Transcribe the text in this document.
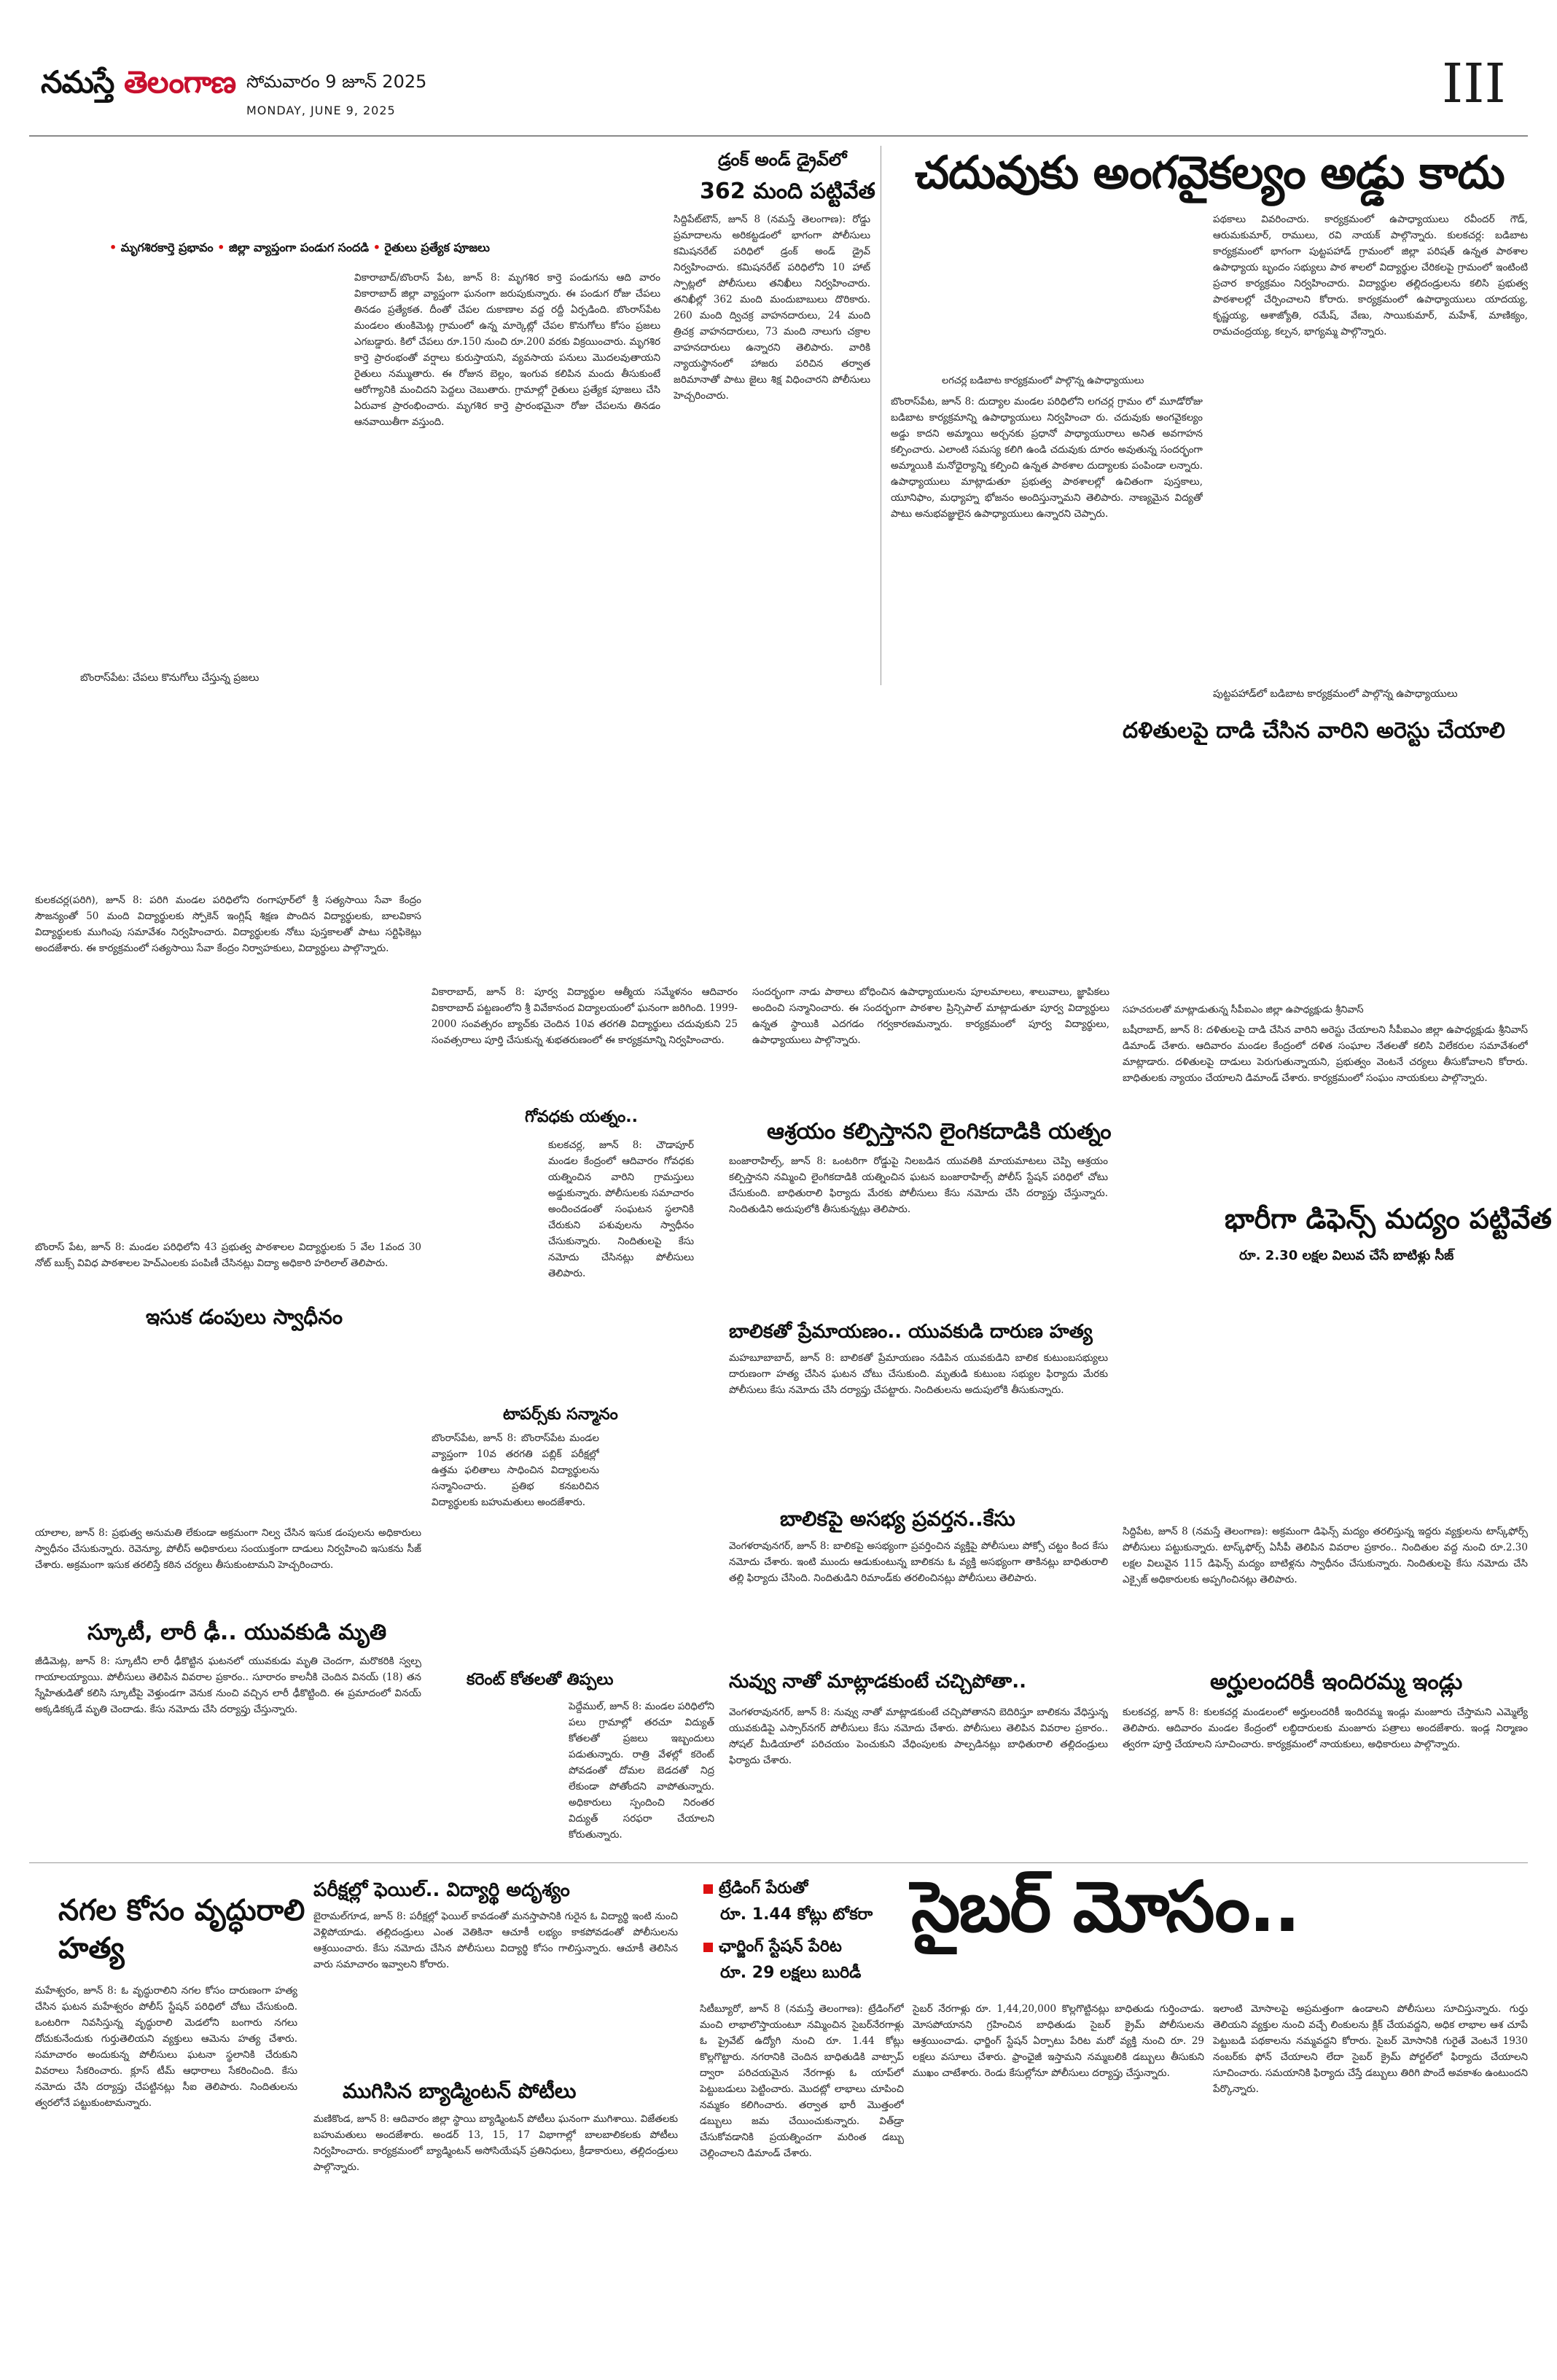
నమస్తే తెలంగాణ సోమవారం 9 జూన్ 2025
MONDAY, JUNE 9, 2025	III
• మృగశిరకార్తె ప్రభావం • జిల్లా వ్యాప్తంగా పండుగ సందడి • రైతులు ప్రత్యేక పూజలు
బొంరాస్‌పేట: చేపలు కొనుగోలు చేస్తున్న ప్రజలు
వికారాబాద్/బొంరాస్ పేట, జూన్ 8: మృగశిర కార్తె పండుగను ఆది వారం వికారాబాద్ జిల్లా వ్యాప్తంగా ఘనంగా జరుపుకున్నారు. ఈ పండుగ రోజు చేపలు తినడం ప్రత్యేకత. దీంతో చేపల దుకాణాల వద్ద రద్దీ ఏర్పడింది. బొంరాస్‌పేట మండలం తుంకిమెట్ల గ్రామంలో ఉన్న మార్కెట్లో చేపల కొనుగోలు కోసం ప్రజలు ఎగబడ్డారు. కిలో చేపలు రూ.150 నుంచి రూ.200 వరకు విక్రయించారు. మృగశిర కార్తె ప్రారంభంతో వర్షాలు కురుస్తాయని, వ్యవసాయ పనులు మొదలవుతాయని రైతులు నమ్ముతారు. ఈ రోజున బెల్లం, ఇంగువ కలిపిన మందు తీసుకుంటే ఆరోగ్యానికి మంచిదని పెద్దలు చెబుతారు. గ్రామాల్లో రైతులు ప్రత్యేక పూజలు చేసి ఏరువాక ప్రారంభించారు. మృగశిర కార్తె ప్రారంభమైనా రోజు చేపలను తినడం ఆనవాయితీగా వస్తుంది.
డ్రంక్ అండ్ డ్రైవ్‌లో
362 మంది పట్టివేత
సిద్దిపేట్‌టౌన్, జూన్ 8 (నమస్తే తెలంగాణ): రోడ్డు ప్రమాదాలను అరికట్టడంలో భాగంగా పోలీసులు కమిషనరేట్ పరిధిలో డ్రంక్ అండ్ డ్రైవ్ నిర్వహించారు. కమిషనరేట్ పరిధిలోని 10 హాట్ స్పాట్లలో పోలీసులు తనిఖీలు నిర్వహించారు. తనిఖీల్లో 362 మంది మందుబాబులు దొరికారు. 260 మంది ద్విచక్ర వాహనదారులు, 24 మంది త్రిచక్ర వాహనదారులు, 73 మంది నాలుగు చక్రాల వాహనదారులు ఉన్నారని తెలిపారు. వారికి న్యాయస్థానంలో హాజరు పరిచిన తర్వాత జరిమానాతో పాటు జైలు శిక్ష విధించారని పోలీసులు హెచ్చరించారు.
చదువుకు అంగవైకల్యం అడ్డు కాదు
లగచర్ల బడిబాట కార్యక్రమంలో పాల్గొన్న ఉపాధ్యాయులు
బొంరాస్‌పేట, జూన్ 8: దుద్యాల మండల పరిధిలోని లగచర్ల గ్రామం లో మూడోరోజు బడిబాట కార్యక్రమాన్ని ఉపాధ్యాయులు నిర్వహించా రు. చదువుకు అంగవైకల్యం అడ్డు కాదని అమ్మాయి అర్చనకు ప్రధానో పాధ్యాయురాలు అనిత అవగాహన కల్పించారు. ఎలాంటి సమస్య కలిగి ఉండి చదువుకు దూరం అవుతున్న సందర్భంగా అమ్మాయికి మనోధైర్యాన్ని కల్పించి ఉన్నత పాఠశాల దుద్యాలకు పంపిండా లన్నారు. ఉపాధ్యాయులు మాట్లాడుతూ ప్రభుత్వ పాఠశాలల్లో ఉచితంగా పుస్తకాలు, యూనిఫాం, మధ్యాహ్న భోజనం అందిస్తున్నామని తెలిపారు. నాణ్యమైన విద్యతో పాటు అనుభవజ్ఞులైన ఉపాధ్యాయులు ఉన్నారని చెప్పారు.
పథకాలు వివరించారు. కార్యక్రమంలో ఉపాధ్యాయులు రవీందర్ గౌడ్, ఆరుమకుమార్, రాములు, రవి నాయక్ పాల్గొన్నారు. కులకచర్ల: బడిబాట కార్యక్రమంలో భాగంగా పుట్టపహాడ్ గ్రామంలో జిల్లా పరిషత్ ఉన్నత పాఠశాల ఉపాధ్యాయ బృందం సభ్యులు పాఠ శాలలో విద్యార్థుల చేరికలపై గ్రామంలో ఇంటింటి ప్రచార కార్యక్రమం నిర్వహించారు. విద్యార్థుల తల్లిదండ్రులను కలిసి ప్రభుత్వ పాఠశాలల్లో చేర్పించాలని కోరారు. కార్యక్రమంలో ఉపాధ్యాయులు యాదయ్య, కృష్ణయ్య, ఆశాజ్యోతి, రమేష్, వేణు, సాయికుమార్, మహేశ్, మాణిక్యం, రామచంద్రయ్య, కల్పన, భాగ్యమ్మ పాల్గొన్నారు.
పుట్టపహాడ్‌లో బడిబాట కార్యక్రమంలో పాల్గొన్న ఉపాధ్యాయులు
దళితులపై దాడి చేసిన వారిని అరెస్టు చేయాలి
కులకచర్ల(పరిగి), జూన్ 8: పరిగి మండల పరిధిలోని రంగాపూర్‌లో శ్రీ సత్యసాయి సేవా కేంద్రం సౌజన్యంతో 50 మంది విద్యార్థులకు స్పోకెన్ ఇంగ్లిష్ శిక్షణ పొందిన విద్యార్థులకు, బాలవికాస విద్యార్థులకు ముగింపు సమావేశం నిర్వహించారు. విద్యార్థులకు నోటు పుస్తకాలతో పాటు సర్టిఫికెట్లు అందజేశారు. ఈ కార్యక్రమంలో సత్యసాయి సేవా కేంద్రం నిర్వాహకులు, విద్యార్థులు పాల్గొన్నారు.
సహచరులతో మాట్లాడుతున్న సీపీఐఎం జిల్లా ఉపాధ్యక్షుడు శ్రీనివాస్
బషీరాబాద్, జూన్ 8: దళితులపై దాడి చేసిన వారిని అరెస్టు చేయాలని సీపీఐఎం జిల్లా ఉపాధ్యక్షుడు శ్రీనివాస్ డిమాండ్ చేశారు. ఆదివారం మండల కేంద్రంలో దళిత సంఘాల నేతలతో కలిసి విలేకరుల సమావేశంలో మాట్లాడారు. దళితులపై దాడులు పెరుగుతున్నాయని, ప్రభుత్వం వెంటనే చర్యలు తీసుకోవాలని కోరారు. బాధితులకు న్యాయం చేయాలని డిమాండ్ చేశారు. కార్యక్రమంలో సంఘం నాయకులు పాల్గొన్నారు.
వికారాబాద్, జూన్ 8: పూర్వ విద్యార్థుల ఆత్మీయ సమ్మేళనం ఆదివారం వికారాబాద్ పట్టణంలోని శ్రీ వివేకానంద విద్యాలయంలో ఘనంగా జరిగింది. 1999-2000 సంవత్సరం బ్యాచ్‌కు చెందిన 10వ తరగతి విద్యార్థులు చదువుకుని 25 సంవత్సరాలు పూర్తి చేసుకున్న శుభతరుణంలో ఈ కార్యక్రమాన్ని నిర్వహించారు.
సందర్భంగా నాడు పాఠాలు బోధించిన ఉపాధ్యాయులను పూలమాలలు, శాలువాలు, జ్ఞాపికలు అందించి సన్మానించారు. ఈ సందర్భంగా పాఠశాల ప్రిన్సిపాల్ మాట్లాడుతూ పూర్వ విద్యార్థులు ఉన్నత స్థాయికి ఎదగడం గర్వకారణమన్నారు. కార్యక్రమంలో పూర్వ విద్యార్థులు, ఉపాధ్యాయులు పాల్గొన్నారు.
గోవధకు యత్నం..
కులకచర్ల, జూన్ 8: చౌడాపూర్ మండల కేంద్రంలో ఆదివారం గోవధకు యత్నించిన వారిని గ్రామస్తులు అడ్డుకున్నారు. పోలీసులకు సమాచారం అందించడంతో సంఘటన స్థలానికి చేరుకుని పశువులను స్వాధీనం చేసుకున్నారు. నిందితులపై కేసు నమోదు చేసినట్లు పోలీసులు తెలిపారు.
టాపర్స్‌కు సన్మానం
బొంరాస్‌పేట, జూన్ 8: బొంరాస్‌పేట మండల వ్యాప్తంగా 10వ తరగతి పబ్లిక్ పరీక్షల్లో ఉత్తమ ఫలితాలు సాధించిన విద్యార్థులను సన్మానించారు. ప్రతిభ కనబరిచిన విద్యార్థులకు బహుమతులు అందజేశారు.
ఆశ్రయం కల్పిస్తానని లైంగికదాడికి యత్నం
బంజారాహిల్స్, జూన్ 8: ఒంటరిగా రోడ్డుపై నిలబడిన యువతికి మాయమాటలు చెప్పి ఆశ్రయం కల్పిస్తానని నమ్మించి లైంగికదాడికి యత్నించిన ఘటన బంజారాహిల్స్ పోలీస్ స్టేషన్ పరిధిలో చోటు చేసుకుంది. బాధితురాలి ఫిర్యాదు మేరకు పోలీసులు కేసు నమోదు చేసి దర్యాప్తు చేస్తున్నారు. నిందితుడిని అదుపులోకి తీసుకున్నట్లు తెలిపారు.
బాలికతో ప్రేమాయణం.. యువకుడి దారుణ హత్య
మహబూబాబాద్, జూన్ 8: బాలికతో ప్రేమాయణం నడిపిన యువకుడిని బాలిక కుటుంబసభ్యులు దారుణంగా హత్య చేసిన ఘటన చోటు చేసుకుంది. మృతుడి కుటుంబ సభ్యుల ఫిర్యాదు మేరకు పోలీసులు కేసు నమోదు చేసి దర్యాప్తు చేపట్టారు. నిందితులను అదుపులోకి తీసుకున్నారు.
బాలికపై అసభ్య ప్రవర్తన..కేసు
వెంగళరావునగర్, జూన్ 8: బాలికపై అసభ్యంగా ప్రవర్తించిన వ్యక్తిపై పోలీసులు పోక్సో చట్టం కింద కేసు నమోదు చేశారు. ఇంటి ముందు ఆడుకుంటున్న బాలికను ఓ వ్యక్తి అసభ్యంగా తాకినట్లు బాధితురాలి తల్లి ఫిర్యాదు చేసింది. నిందితుడిని రిమాండ్‌కు తరలించినట్లు పోలీసులు తెలిపారు.
నువ్వు నాతో మాట్లాడకుంటే చచ్చిపోతా..
వెంగళరావునగర్, జూన్ 8: నువ్వు నాతో మాట్లాడకుంటే చచ్చిపోతానని బెదిరిస్తూ బాలికను వేధిస్తున్న యువకుడిపై ఎస్సార్‌నగర్ పోలీసులు కేసు నమోదు చేశారు. పోలీసులు తెలిపిన వివరాల ప్రకారం.. సోషల్ మీడియాలో పరిచయం పెంచుకుని వేధింపులకు పాల్పడినట్లు బాధితురాలి తల్లిదండ్రులు ఫిర్యాదు చేశారు.
భారీగా డిఫెన్స్ మద్యం పట్టివేత
రూ. 2.30 లక్షల విలువ చేసే బాటిళ్లు సీజ్
సిద్దిపేట, జూన్ 8 (నమస్తే తెలంగాణ): అక్రమంగా డిఫెన్స్ మద్యం తరలిస్తున్న ఇద్దరు వ్యక్తులను టాస్క్‌ఫోర్స్ పోలీసులు పట్టుకున్నారు. టాస్క్‌ఫోర్స్ ఏసీపీ తెలిపిన వివరాల ప్రకారం.. నిందితుల వద్ద నుంచి రూ.2.30 లక్షల విలువైన 115 డిఫెన్స్ మద్యం బాటిళ్లను స్వాధీనం చేసుకున్నారు. నిందితులపై కేసు నమోదు చేసి ఎక్సైజ్ అధికారులకు అప్పగించినట్లు తెలిపారు.
అర్హులందరికీ ఇందిరమ్మ ఇండ్లు
కులకచర్ల, జూన్ 8: కులకచర్ల మండలంలో అర్హులందరికీ ఇందిరమ్మ ఇండ్లు మంజూరు చేస్తామని ఎమ్మెల్యే తెలిపారు. ఆదివారం మండల కేంద్రంలో లబ్ధిదారులకు మంజూరు పత్రాలు అందజేశారు. ఇండ్ల నిర్మాణం త్వరగా పూర్తి చేయాలని సూచించారు. కార్యక్రమంలో నాయకులు, అధికారులు పాల్గొన్నారు.
బొంరాస్ పేట, జూన్ 8: మండల పరిధిలోని 43 ప్రభుత్వ పాఠశాలల విద్యార్థులకు 5 వేల 1వంద 30 నోట్ బుక్స్ వివిధ పాఠశాలల హెచ్ఎంలకు పంపిణీ చేసినట్లు విద్యా అధికారి హరిలాల్ తెలిపారు.
ఇసుక డంపులు స్వాధీనం
యాలాల, జూన్ 8: ప్రభుత్వ అనుమతి లేకుండా అక్రమంగా నిల్వ చేసిన ఇసుక డంపులను అధికారులు స్వాధీనం చేసుకున్నారు. రెవెన్యూ, పోలీస్ అధికారులు సంయుక్తంగా దాడులు నిర్వహించి ఇసుకను సీజ్ చేశారు. అక్రమంగా ఇసుక తరలిస్తే కఠిన చర్యలు తీసుకుంటామని హెచ్చరించారు.
స్కూటీ, లారీ ఢీ.. యువకుడి మృతి
జీడిమెట్ల, జూన్ 8: స్కూటీని లారీ ఢీకొట్టిన ఘటనలో యువకుడు మృతి చెందగా, మరొకరికి స్వల్ప గాయాలయ్యాయి. పోలీసులు తెలిపిన వివరాల ప్రకారం.. సూరారం కాలనీకి చెందిన వినయ్ (18) తన స్నేహితుడితో కలిసి స్కూటీపై వెళ్తుండగా వెనుక నుంచి వచ్చిన లారీ ఢీకొట్టింది. ఈ ప్రమాదంలో వినయ్ అక్కడికక్కడే మృతి చెందాడు. కేసు నమోదు చేసి దర్యాప్తు చేస్తున్నారు.
కరెంట్ కోతలతో తిప్పలు
పెద్దేముల్, జూన్ 8: మండల పరిధిలోని పలు గ్రామాల్లో తరచూ విద్యుత్ కోతలతో ప్రజలు ఇబ్బందులు పడుతున్నారు. రాత్రి వేళల్లో కరెంట్ పోవడంతో దోమల బెడదతో నిద్ర లేకుండా పోతోందని వాపోతున్నారు. అధికారులు స్పందించి నిరంతర విద్యుత్ సరఫరా చేయాలని కోరుతున్నారు.
నగల కోసం వృద్ధురాలి హత్య
మహేశ్వరం, జూన్ 8: ఓ వృద్ధురాలిని నగల కోసం దారుణంగా హత్య చేసిన ఘటన మహేశ్వరం పోలీస్ స్టేషన్ పరిధిలో చోటు చేసుకుంది. ఒంటరిగా నివసిస్తున్న వృద్ధురాలి మెడలోని బంగారు నగలు దోచుకునేందుకు గుర్తుతెలియని వ్యక్తులు ఆమెను హత్య చేశారు. సమాచారం అందుకున్న పోలీసులు ఘటనా స్థలానికి చేరుకుని వివరాలు సేకరించారు. క్లూస్ టీమ్ ఆధారాలు సేకరించింది. కేసు నమోదు చేసి దర్యాప్తు చేపట్టినట్లు సీఐ తెలిపారు. నిందితులను త్వరలోనే పట్టుకుంటామన్నారు.
పరీక్షల్లో ఫెయిల్.. విద్యార్థి అదృశ్యం
బైరామల్‌గూడ, జూన్ 8: పరీక్షల్లో ఫెయిల్ కావడంతో మనస్తాపానికి గురైన ఓ విద్యార్థి ఇంటి నుంచి వెళ్లిపోయాడు. తల్లిదండ్రులు ఎంత వెతికినా ఆచూకీ లభ్యం కాకపోవడంతో పోలీసులను ఆశ్రయించారు. కేసు నమోదు చేసిన పోలీసులు విద్యార్థి కోసం గాలిస్తున్నారు. ఆచూకీ తెలిసిన వారు సమాచారం ఇవ్వాలని కోరారు.
ముగిసిన బ్యాడ్మింటన్ పోటీలు
మణికొండ, జూన్ 8: ఆదివారం జిల్లా స్థాయి బ్యాడ్మింటన్ పోటీలు ఘనంగా ముగిశాయి. విజేతలకు బహుమతులు అందజేశారు. అండర్ 13, 15, 17 విభాగాల్లో బాలబాలికలకు పోటీలు నిర్వహించారు. కార్యక్రమంలో బ్యాడ్మింటన్ అసోసియేషన్ ప్రతినిధులు, క్రీడాకారులు, తల్లిదండ్రులు పాల్గొన్నారు.
ట్రేడింగ్ పేరుతో
రూ. 1.44 కోట్లు టోకరా
ఛార్జింగ్ స్టేషన్ పేరిట
రూ. 29 లక్షలు బురిడీ
సైబర్ మోసం..
సిటీబ్యూరో, జూన్ 8 (నమస్తే తెలంగాణ): ట్రేడింగ్‌లో మంచి లాభాలొస్తాయంటూ నమ్మించిన సైబర్‌నేరగాళ్లు ఓ ప్రైవేట్ ఉద్యోగి నుంచి రూ. 1.44 కోట్లు కొల్లగొట్టారు. నగరానికి చెందిన బాధితుడికి వాట్సాప్ ద్వారా పరిచయమైన నేరగాళ్లు ఓ యాప్‌లో పెట్టుబడులు పెట్టించారు. మొదట్లో లాభాలు చూపించి నమ్మకం కలిగించారు. తర్వాత భారీ మొత్తంలో డబ్బులు జమ చేయించుకున్నారు. విత్‌డ్రా చేసుకోవడానికి ప్రయత్నించగా మరింత డబ్బు చెల్లించాలని డిమాండ్ చేశారు.
సైబర్ నేరగాళ్లు రూ. 1,44,20,000 కొల్లగొట్టినట్లు బాధితుడు గుర్తించాడు. మోసపోయానని గ్రహించిన బాధితుడు సైబర్ క్రైమ్ పోలీసులను ఆశ్రయించాడు. ఛార్జింగ్ స్టేషన్ ఏర్పాటు పేరిట మరో వ్యక్తి నుంచి రూ. 29 లక్షలు వసూలు చేశారు. ఫ్రాంఛైజీ ఇస్తామని నమ్మబలికి డబ్బులు తీసుకుని ముఖం చాటేశారు. రెండు కేసుల్లోనూ పోలీసులు దర్యాప్తు చేస్తున్నారు.
ఇలాంటి మోసాలపై అప్రమత్తంగా ఉండాలని పోలీసులు సూచిస్తున్నారు. గుర్తు తెలియని వ్యక్తుల నుంచి వచ్చే లింకులను క్లిక్ చేయవద్దని, అధిక లాభాల ఆశ చూపే పెట్టుబడి పథకాలను నమ్మవద్దని కోరారు. సైబర్ మోసానికి గురైతే వెంటనే 1930 నంబర్‌కు ఫోన్ చేయాలని లేదా సైబర్ క్రైమ్ పోర్టల్‌లో ఫిర్యాదు చేయాలని సూచించారు. సమయానికి ఫిర్యాదు చేస్తే డబ్బులు తిరిగి పొందే అవకాశం ఉంటుందని పేర్కొన్నారు.
